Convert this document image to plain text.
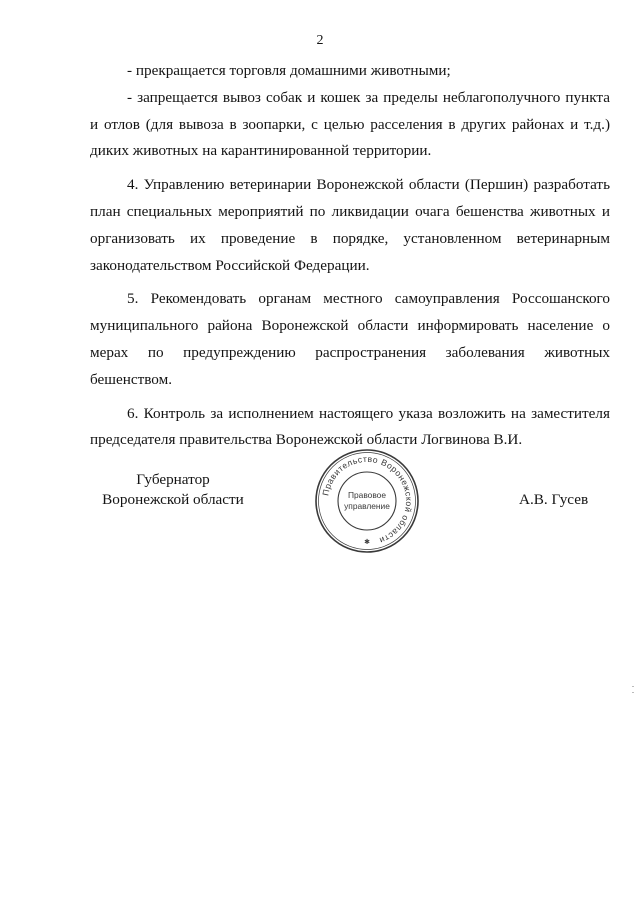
2

- прекращается торговля домашними животными;

- запрещается вывоз собак и кошек за пределы неблагополучного пункта и отлов (для вывоза в зоопарки, с целью расселения в других районах и т.д.) диких животных на карантинированной территории.

4. Управлению ветеринарии Воронежской области (Першин) разработать план специальных мероприятий по ликвидации очага бешенства животных и организовать их проведение в порядке, установленном ветеринарным законодательством Российской Федерации.

5. Рекомендовать органам местного самоуправления Россошанского муниципального района Воронежской области информировать население о мерах по предупреждению распространения заболевания животных бешенством.

6. Контроль за исполнением настоящего указа возложить на заместителя председателя правительства Воронежской области Логвинова В.И.

Губернатор
Воронежской области	Правительство Воронежской области
Правовое
управление
✱
А.В. Гусев
